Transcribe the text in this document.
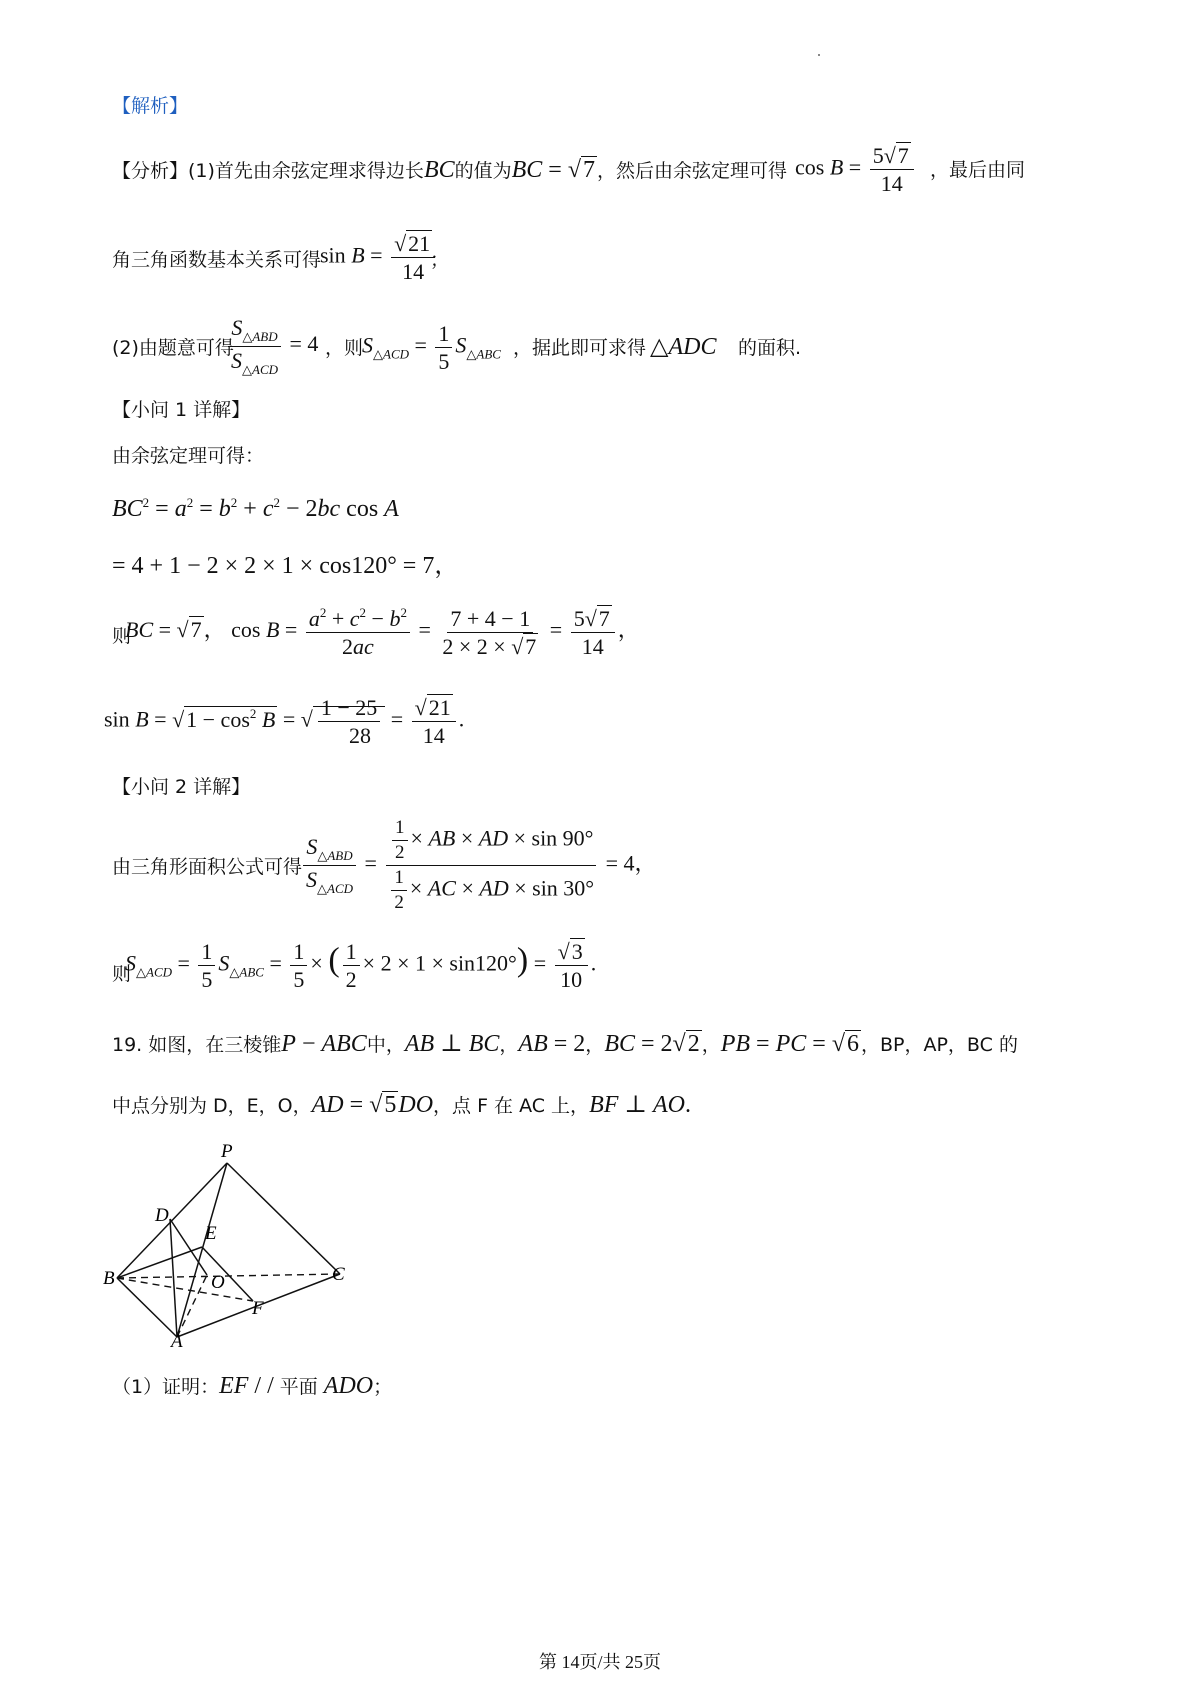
【解析】
【分析】(1)首先由余弦定理求得边长BC的值为BC = √7 ，然后由余弦定理可得 $\cos B = \frac{5√7}{14}$ ，最后由同
角三角函数基本关系可得
$\sin B = \frac{√21}{14}$
；
(2)由题意可得
$\frac{S_{\triangle ABD}}{S_{\triangle ACD}} = 4$ ，则
$S_{\triangle ACD} = \frac{1}{5} S_{\triangle ABC}$ ，据此即可求得 △ADC 的面积.
【小问 1 详解】
由余弦定理可得：
$BC^2 = a^2 = b^2 + c^2 - 2bc$ cos A
= 4 + 1 − 2 × 2 × 1 × cos120° = 7，
则
BC = √7， $\cos B = \frac{a^2 + c^2 - b^2}{2ac} = \frac{7 + 4 - 1}{2 \times 2 \times √7} = \frac{5√7}{14}$ ，
$\sin B = √1 - \cos^2 B$ = √ $\frac{1 - 25}{28} = \frac{√21}{14}$ .
【小问 2 详解】
由三角形面积公式可得 $\frac{S_{\triangle ABD}}{S_{\triangle ACD}} = \frac{\frac{1}{2} \times AB \times AD \times \sin 90^\circ}{\frac{1}{2} \times AC \times AD \times \sin 30^\circ} = 4$，
则
$S_{\triangle ACD} = \frac{1}{5} S_{\triangle ABC} = \frac{1}{5}$ × ( $\frac{1}{2} \times 2 \times 1 \times \sin 120^\circ) = \frac{√3}{10}$ .
19. 如图，在三棱锥P − ABC中，AB ⊥ BC，AB = 2，BC = 2√2 ，PB = PC = √6 ，BP，AP，BC 的
中点分别为 D，E，O，AD = √5DO，点 F 在 AC 上，BF ⊥ AO.
P
D
E
B	O	C
F
A
（1）证明：EF / / 平面 ADO；
第 14页/共 25页
